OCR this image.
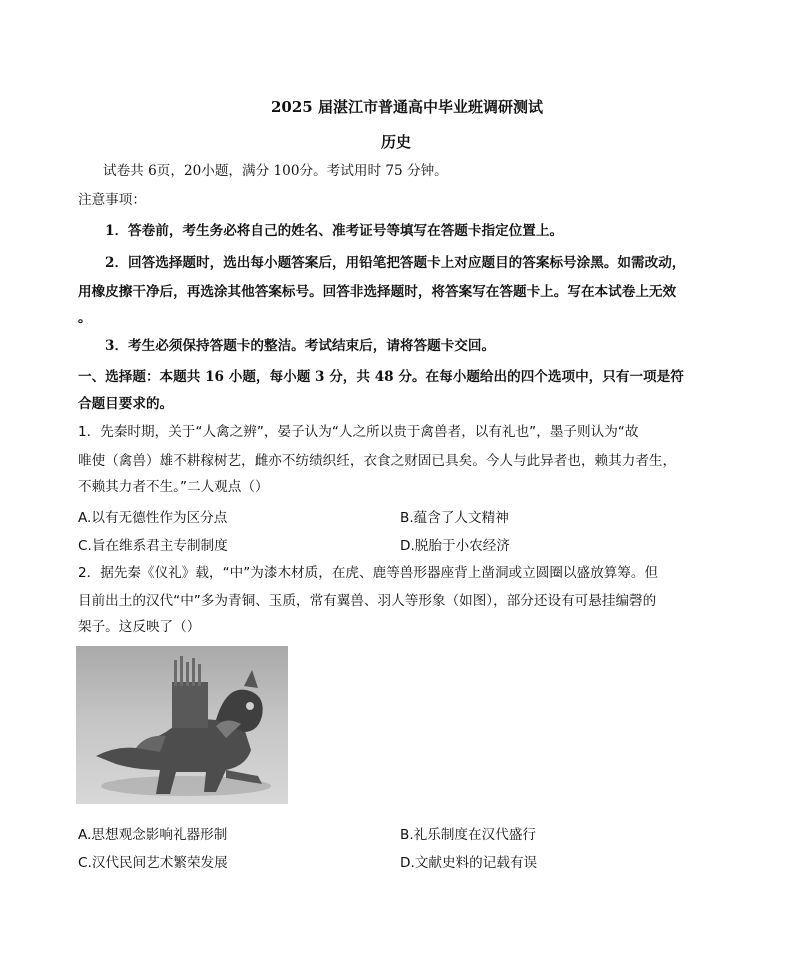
2025 届湛江市普通高中毕业班调研测试
历史
试卷共 6页，20小题，满分 100分。考试用时 75 分钟。
注意事项：
1．答卷前，考生务必将自己的姓名、准考证号等填写在答题卡指定位置上。
2．回答选择题时，选出每小题答案后，用铅笔把答题卡上对应题目的答案标号涂黑。如需改动，
用橡皮擦干净后，再选涂其他答案标号。回答非选择题时，将答案写在答题卡上。写在本试卷上无效
。
3．考生必须保持答题卡的整洁。考试结束后，请将答题卡交回。
一、选择题：本题共 16 小题，每小题 3 分，共 48 分。在每小题给出的四个选项中，只有一项是符
合题目要求的。
1．先秦时期，关于“人禽之辨”，晏子认为“人之所以贵于禽兽者，以有礼也”，墨子则认为“故
唯使（禽兽）雄不耕稼树艺，雌亦不纺绩织纴，衣食之财固已具矣。今人与此异者也，赖其力者生，
不赖其力者不生。”二人观点（）
A.以有无德性作为区分点	B.蕴含了人文精神
C.旨在维系君主专制制度	D.脱胎于小农经济
2．据先秦《仪礼》载，“中”为漆木材质，在虎、鹿等兽形器座背上凿洞或立圆圈以盛放算筹。但
目前出土的汉代“中”多为青铜、玉质，常有翼兽、羽人等形象（如图），部分还设有可悬挂编磬的
架子。这反映了（）
A.思想观念影响礼器形制	B.礼乐制度在汉代盛行
C.汉代民间艺术繁荣发展	D.文献史料的记载有误
